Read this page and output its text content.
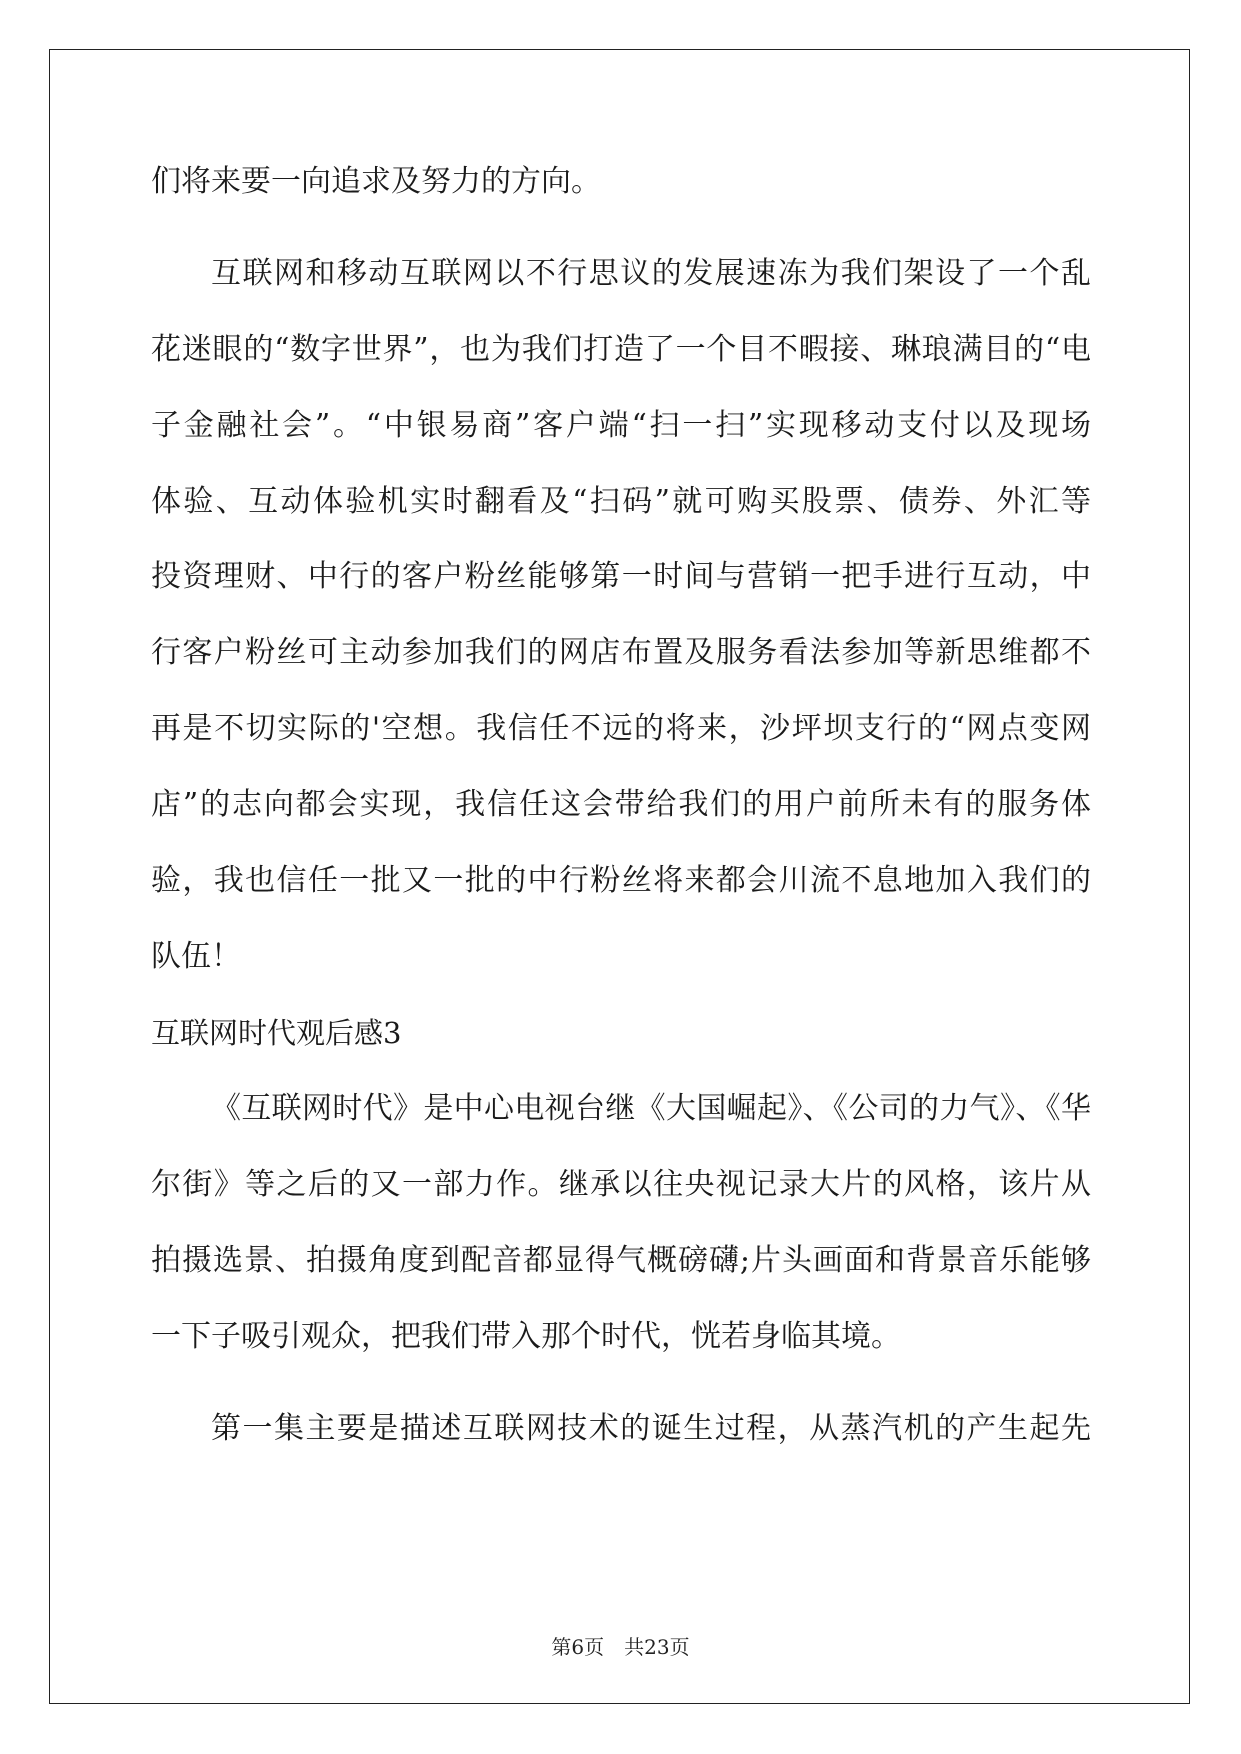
们将来要一向追求及努力的方向。
互联网和移动互联网以不行思议的发展速冻为我们架设了一个乱
花迷眼的“数字世界”，也为我们打造了一个目不暇接、琳琅满目的“电
子金融社会”。“中银易商”客户端“扫一扫”实现移动支付以及现场
体验、互动体验机实时翻看及“扫码”就可购买股票、债券、外汇等
投资理财、中行的客户粉丝能够第一时间与营销一把手进行互动，中
行客户粉丝可主动参加我们的网店布置及服务看法参加等新思维都不
再是不切实际的'空想。我信任不远的将来，沙坪坝支行的“网点变网
店”的志向都会实现，我信任这会带给我们的用户前所未有的服务体
验，我也信任一批又一批的中行粉丝将来都会川流不息地加入我们的
队伍！
互联网时代观后感3
《互联网时代》是中心电视台继《大国崛起》、《公司的力气》、《华
尔街》等之后的又一部力作。继承以往央视记录大片的风格，该片从
拍摄选景、拍摄角度到配音都显得气概磅礴;片头画面和背景音乐能够
一下子吸引观众，把我们带入那个时代，恍若身临其境。
第一集主要是描述互联网技术的诞生过程，从蒸汽机的产生起先
第6页　共23页
